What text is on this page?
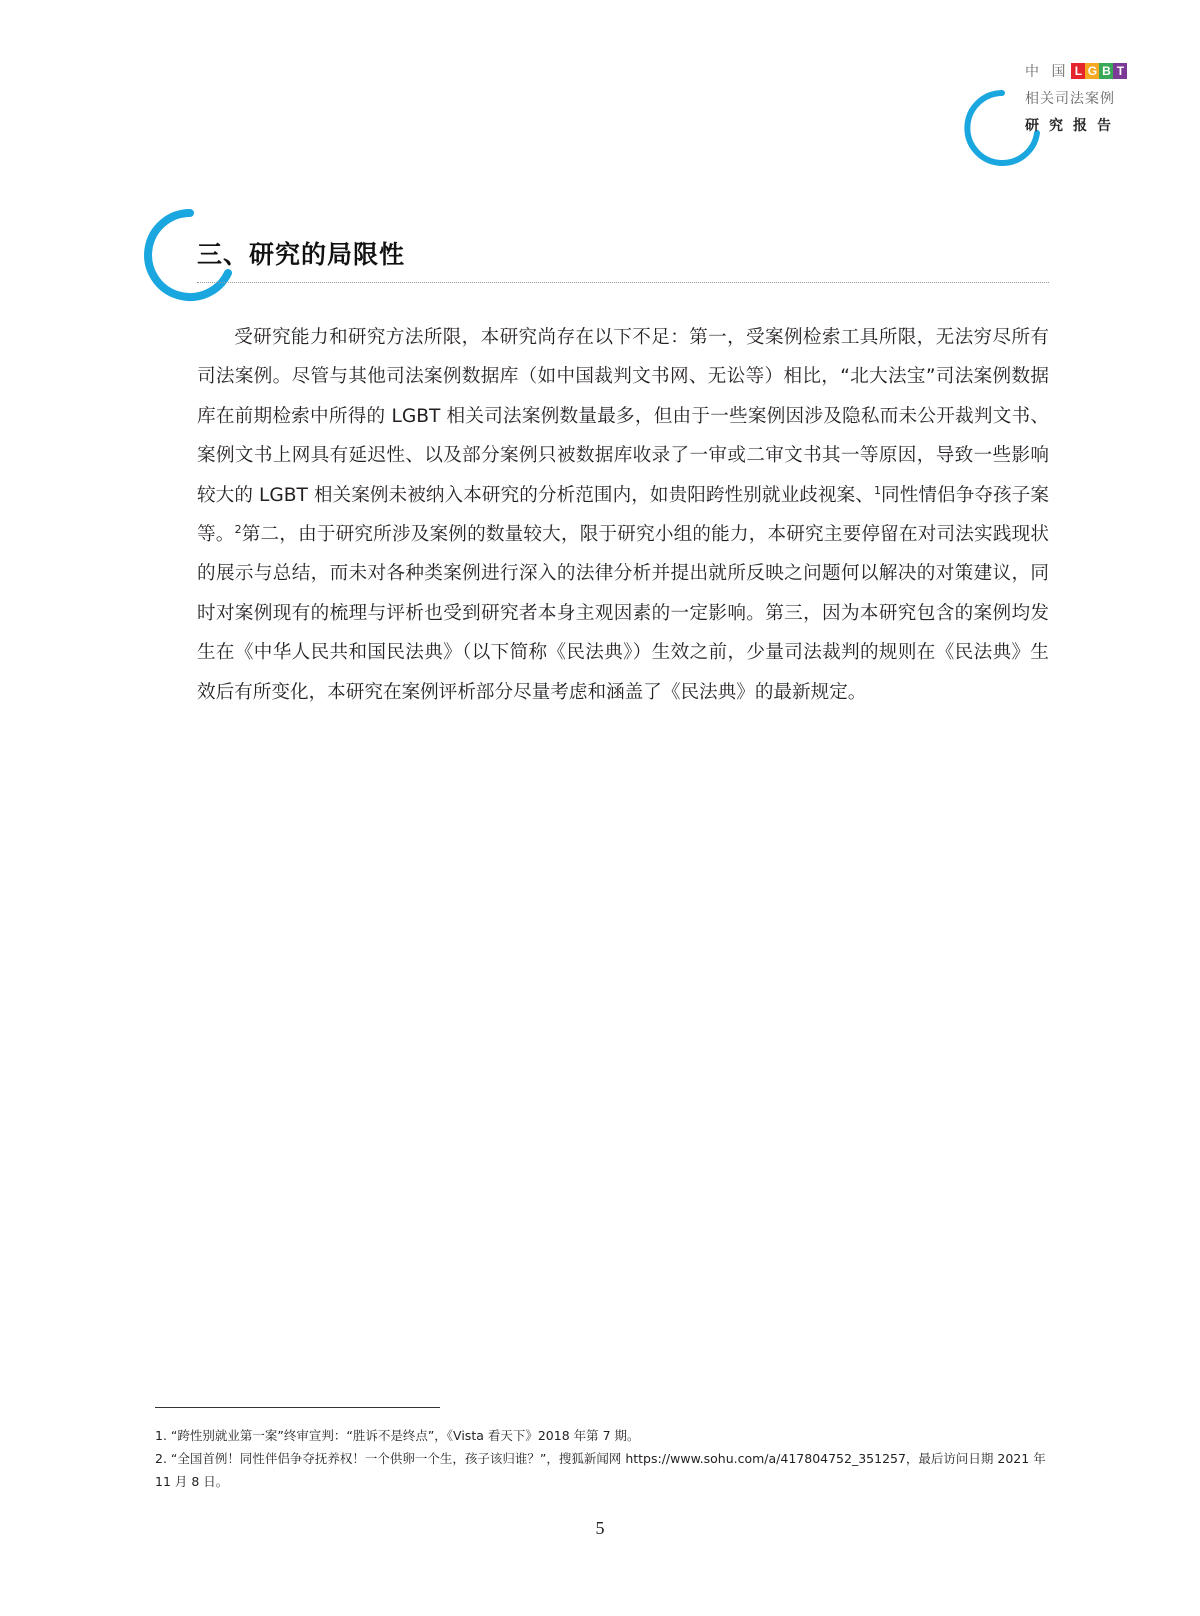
中 国 L G B T
相关司法案例
研究报告
三、研究的局限性

受研究能力和研究方法所限，本研究尚存在以下不足：第一，受案例检索工具所限，无法穷尽所有司法案例。尽管与其他司法案例数据库（如中国裁判文书网、无讼等）相比，“北大法宝”司法案例数据库在前期检索中所得的 LGBT 相关司法案例数量最多，但由于一些案例因涉及隐私而未公开裁判文书、案例文书上网具有延迟性、以及部分案例只被数据库收录了一审或二审文书其一等原因，导致一些影响较大的 LGBT 相关案例未被纳入本研究的分析范围内，如贵阳跨性别就业歧视案、$^1$同性情侣争夺孩子案等。$^2$第二，由于研究所涉及案例的数量较大，限于研究小组的能力，本研究主要停留在对司法实践现状的展示与总结，而未对各种类案例进行深入的法律分析并提出就所反映之问题何以解决的对策建议，同时对案例现有的梳理与评析也受到研究者本身主观因素的一定影响。第三，因为本研究包含的案例均发生在《中华人民共和国民法典》（以下简称《民法典》）生效之前，少量司法裁判的规则在《民法典》生效后有所变化，本研究在案例评析部分尽量考虑和涵盖了《民法典》的最新规定。

1. “跨性别就业第一案”终审宣判：“胜诉不是终点”，《Vista 看天下》2018 年第 7 期。

2. “全国首例！同性伴侣争夺抚养权！一个供卵一个生，孩子该归谁？”，搜狐新闻网 https://www.sohu.com/a/417804752_351257，最后访问日期 2021 年 11 月 8 日。

5
